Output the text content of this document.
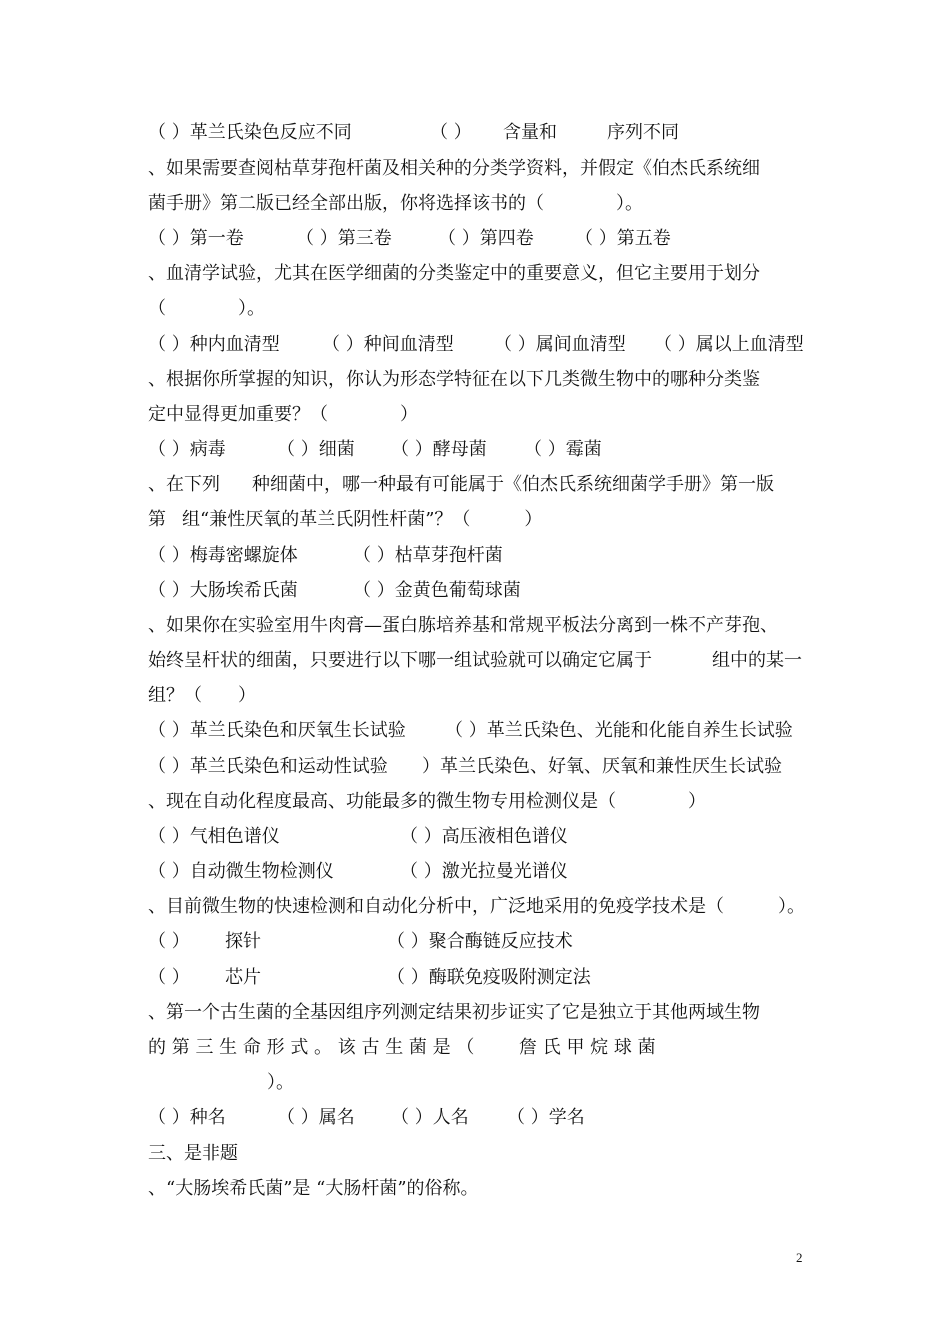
（ ）革兰氏染色反应不同

	（ ）

含量和

	序列不同

、如果需要查阅枯草芽孢杆菌及相关种的分类学资料，并假定《伯杰氏系统细

菌手册》第二版已经全部出版，你将选择该书的（　　　　）。

（ ）第一卷

	（ ）第三卷

	（ ）第四卷

（ ）第五卷

、血清学试验，尤其在医学细菌的分类鉴定中的重要意义，但它主要用于划分

（　　　　）。

（ ）种内血清型

（ ）种间血清型

（ ）属间血清型

（ ）属以上血清型

、根据你所掌握的知识，你认为形态学特征在以下几类微生物中的哪种分类鉴

定中显得更加重要？（　　　　）

（ ）病毒

	（ ）细菌

（ ）酵母菌

（ ）霉菌

、在下列

种细菌中，哪一种最有可能属于《伯杰氏系统细菌学手册》第一版

第

组“兼性厌氧的革兰氏阴性杆菌”？（　　　）

（ ）梅毒密螺旋体

	（ ）枯草芽孢杆菌

（ ）大肠埃希氏菌

	（ ）金黄色葡萄球菌

、如果你在实验室用牛肉膏—蛋白胨培养基和常规平板法分离到一株不产芽孢、

始终呈杆状的细菌，只要进行以下哪一组试验就可以确定它属于

	组中的某一

组？（　　）

（ ）革兰氏染色和厌氧生长试验

（ ）革兰氏染色、光能和化能自养生长试验

（ ）革兰氏染色和运动性试验

）革兰氏染色、好氧、厌氧和兼性厌生长试验

、现在自动化程度最高、功能最多的微生物专用检测仪是（　　　　）

（ ）气相色谱仪

	（ ）高压液相色谱仪

（ ）自动微生物检测仪

	（ ）激光拉曼光谱仪

、目前微生物的快速检测和自动化分析中，广泛地采用的免疫学技术是（　　　）。

（ ）

探针

	（ ）聚合酶链反应技术

（ ）

芯片

	（ ）酶联免疫吸附测定法

、第一个古生菌的全基因组序列测定结果初步证实了它是独立于其他两域生物

的 第 三 生 命 形 式 。 该 古 生 菌 是 （

詹 氏 甲 烷 球 菌

）。

（ ）种名

	（ ）属名

（ ）人名

（ ）学名

三、是非题

、“大肠埃希氏菌”是 “大肠杆菌”的俗称。

2
